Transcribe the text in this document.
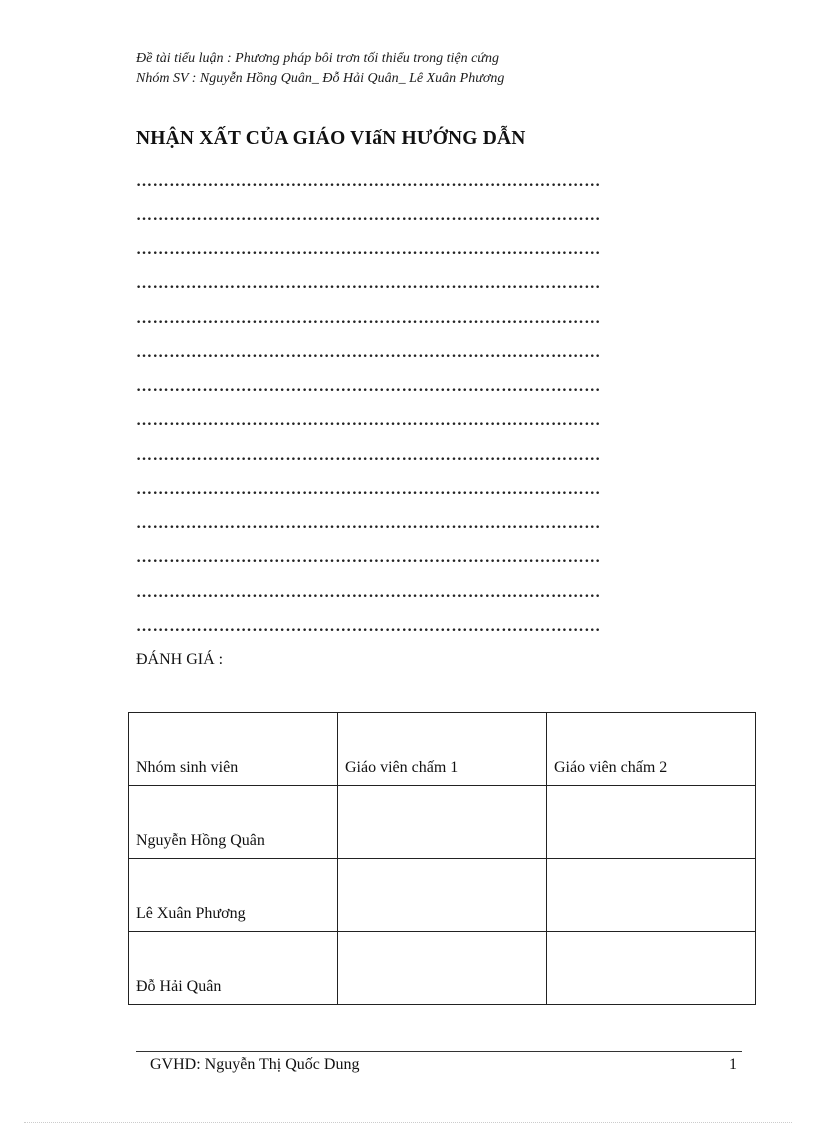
Đề tài tiểu luận : Phương pháp bôi trơn tối thiểu trong tiện cứng
Nhóm SV : Nguyễn Hồng Quân_ Đỗ Hải Quân_ Lê Xuân Phương
NHẬN XẤT CỦA GIÁO VIấN HƯỚNG DẪN
…………………………………………………………………………
…………………………………………………………………………
…………………………………………………………………………
…………………………………………………………………………
…………………………………………………………………………
…………………………………………………………………………
…………………………………………………………………………
…………………………………………………………………………
…………………………………………………………………………
…………………………………………………………………………
…………………………………………………………………………
…………………………………………………………………………
…………………………………………………………………………
…………………………………………………………………………
ĐÁNH GIÁ :
Nhóm sinh viên	Giáo viên chấm 1	Giáo viên chấm 2
Nguyễn Hồng Quân		
Lê Xuân Phương		
Đỗ Hải Quân		
GVHD: Nguyễn Thị Quốc Dung	1
